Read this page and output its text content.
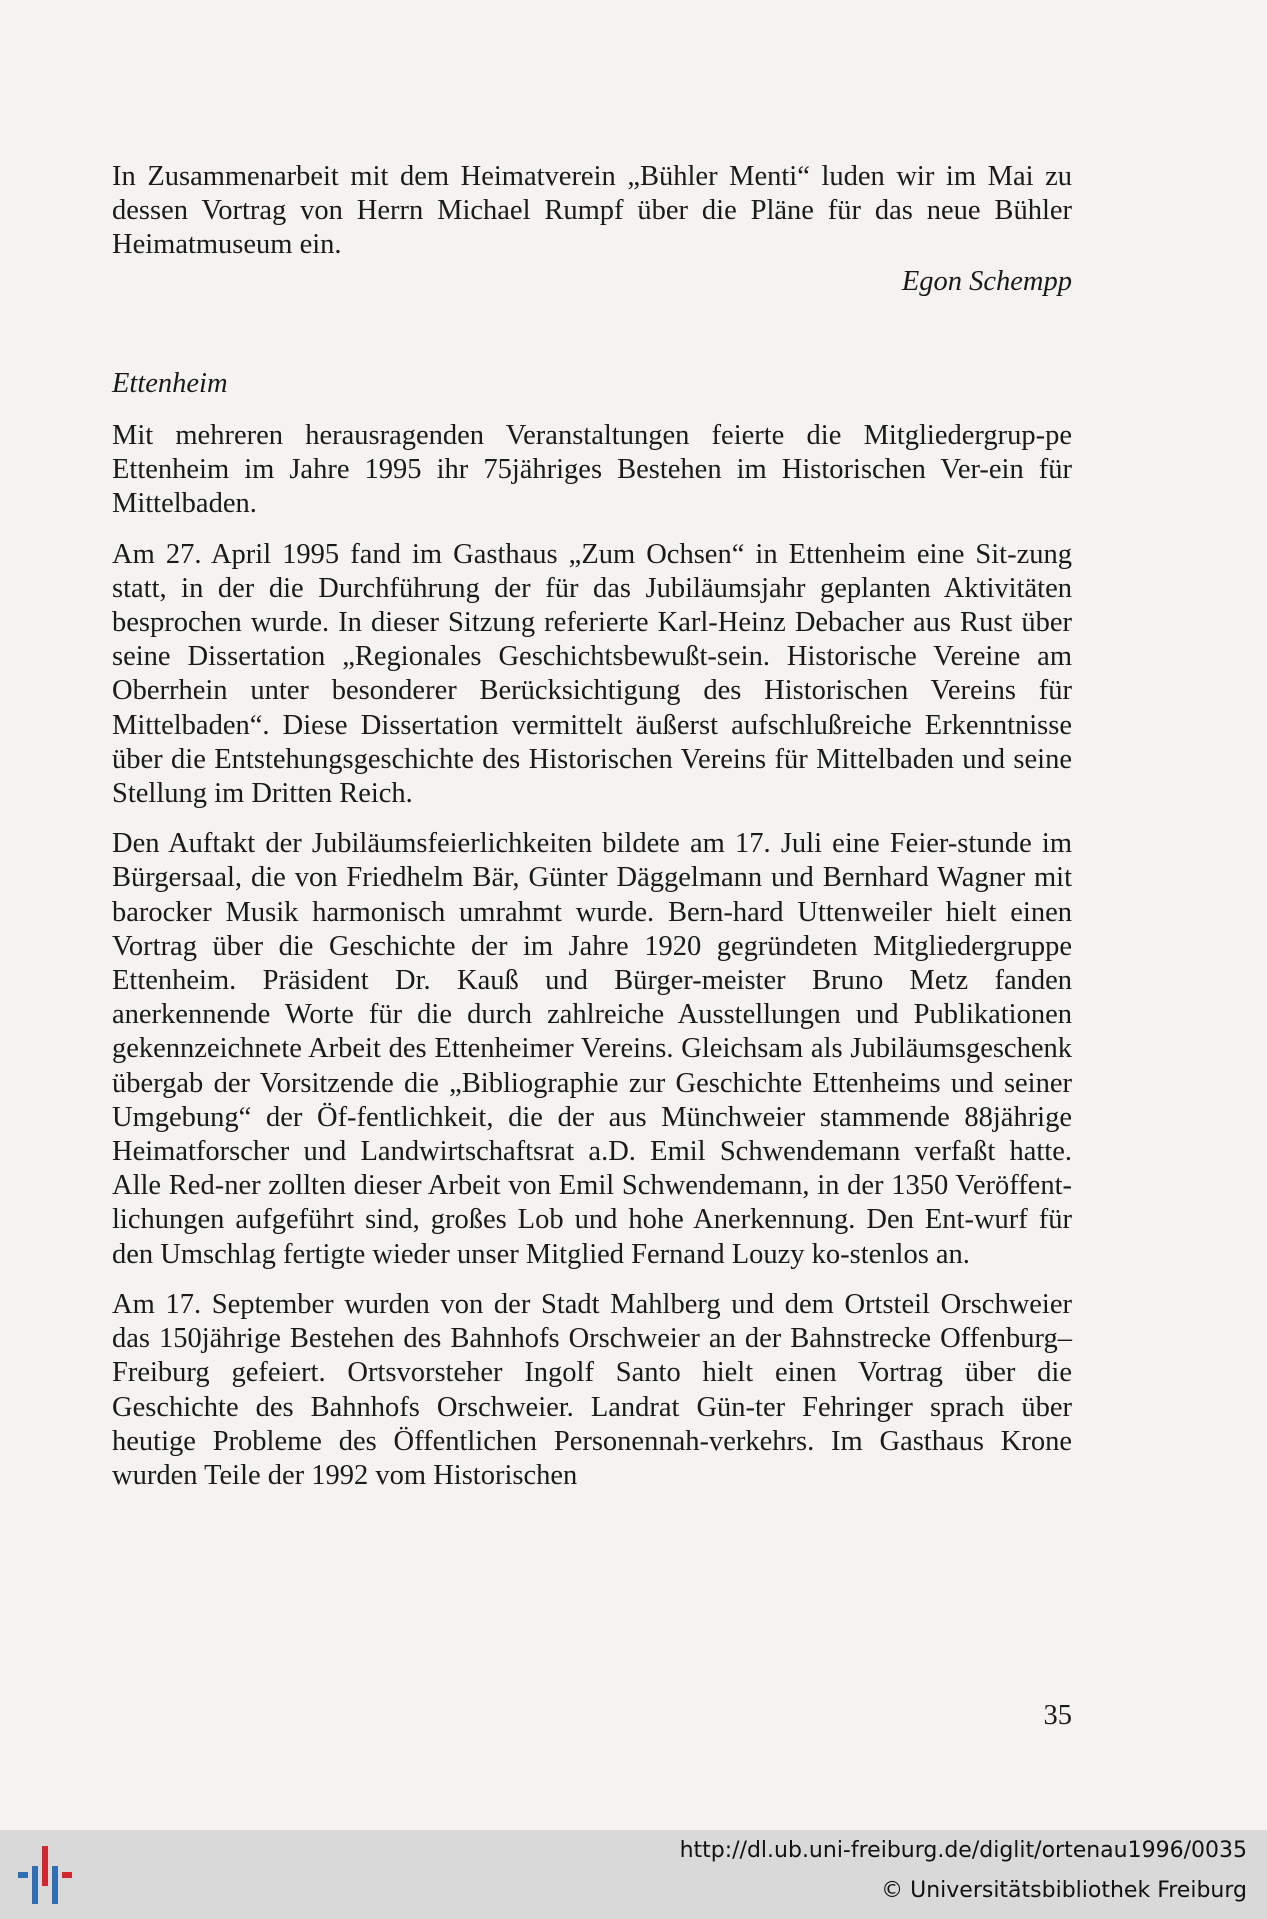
In Zusammenarbeit mit dem Heimatverein „Bühler Menti“ luden wir im Mai zu dessen Vortrag von Herrn Michael Rumpf über die Pläne für das neue Bühler Heimatmuseum ein.

Egon Schempp
Ettenheim

Mit mehreren herausragenden Veranstaltungen feierte die Mitgliedergrup-pe Ettenheim im Jahre 1995 ihr 75jähriges Bestehen im Historischen Ver-ein für Mittelbaden.

Am 27. April 1995 fand im Gasthaus „Zum Ochsen“ in Ettenheim eine Sit-zung statt, in der die Durchführung der für das Jubiläumsjahr geplanten Aktivitäten besprochen wurde. In dieser Sitzung referierte Karl-Heinz Debacher aus Rust über seine Dissertation „Regionales Geschichtsbewußt-sein. Historische Vereine am Oberrhein unter besonderer Berücksichtigung des Historischen Vereins für Mittelbaden“. Diese Dissertation vermittelt äußerst aufschlußreiche Erkenntnisse über die Entstehungsgeschichte des Historischen Vereins für Mittelbaden und seine Stellung im Dritten Reich.

Den Auftakt der Jubiläumsfeierlichkeiten bildete am 17. Juli eine Feier-stunde im Bürgersaal, die von Friedhelm Bär, Günter Däggelmann und Bernhard Wagner mit barocker Musik harmonisch umrahmt wurde. Bern-hard Uttenweiler hielt einen Vortrag über die Geschichte der im Jahre 1920 gegründeten Mitgliedergruppe Ettenheim. Präsident Dr. Kauß und Bürger-meister Bruno Metz fanden anerkennende Worte für die durch zahlreiche Ausstellungen und Publikationen gekennzeichnete Arbeit des Ettenheimer Vereins. Gleichsam als Jubiläumsgeschenk übergab der Vorsitzende die „Bibliographie zur Geschichte Ettenheims und seiner Umgebung“ der Öf-fentlichkeit, die der aus Münchweier stammende 88jährige Heimatforscher und Landwirtschaftsrat a.D. Emil Schwendemann verfaßt hatte. Alle Red-ner zollten dieser Arbeit von Emil Schwendemann, in der 1350 Veröffent-lichungen aufgeführt sind, großes Lob und hohe Anerkennung. Den Ent-wurf für den Umschlag fertigte wieder unser Mitglied Fernand Louzy ko-stenlos an.

Am 17. September wurden von der Stadt Mahlberg und dem Ortsteil Orschweier das 150jährige Bestehen des Bahnhofs Orschweier an der Bahnstrecke Offenburg–Freiburg gefeiert. Ortsvorsteher Ingolf Santo hielt einen Vortrag über die Geschichte des Bahnhofs Orschweier. Landrat Gün-ter Fehringer sprach über heutige Probleme des Öffentlichen Personennah-verkehrs. Im Gasthaus Krone wurden Teile der 1992 vom Historischen

35
http://dl.ub.uni-freiburg.de/diglit/ortenau1996/0035
© Universitätsbibliothek Freiburg
